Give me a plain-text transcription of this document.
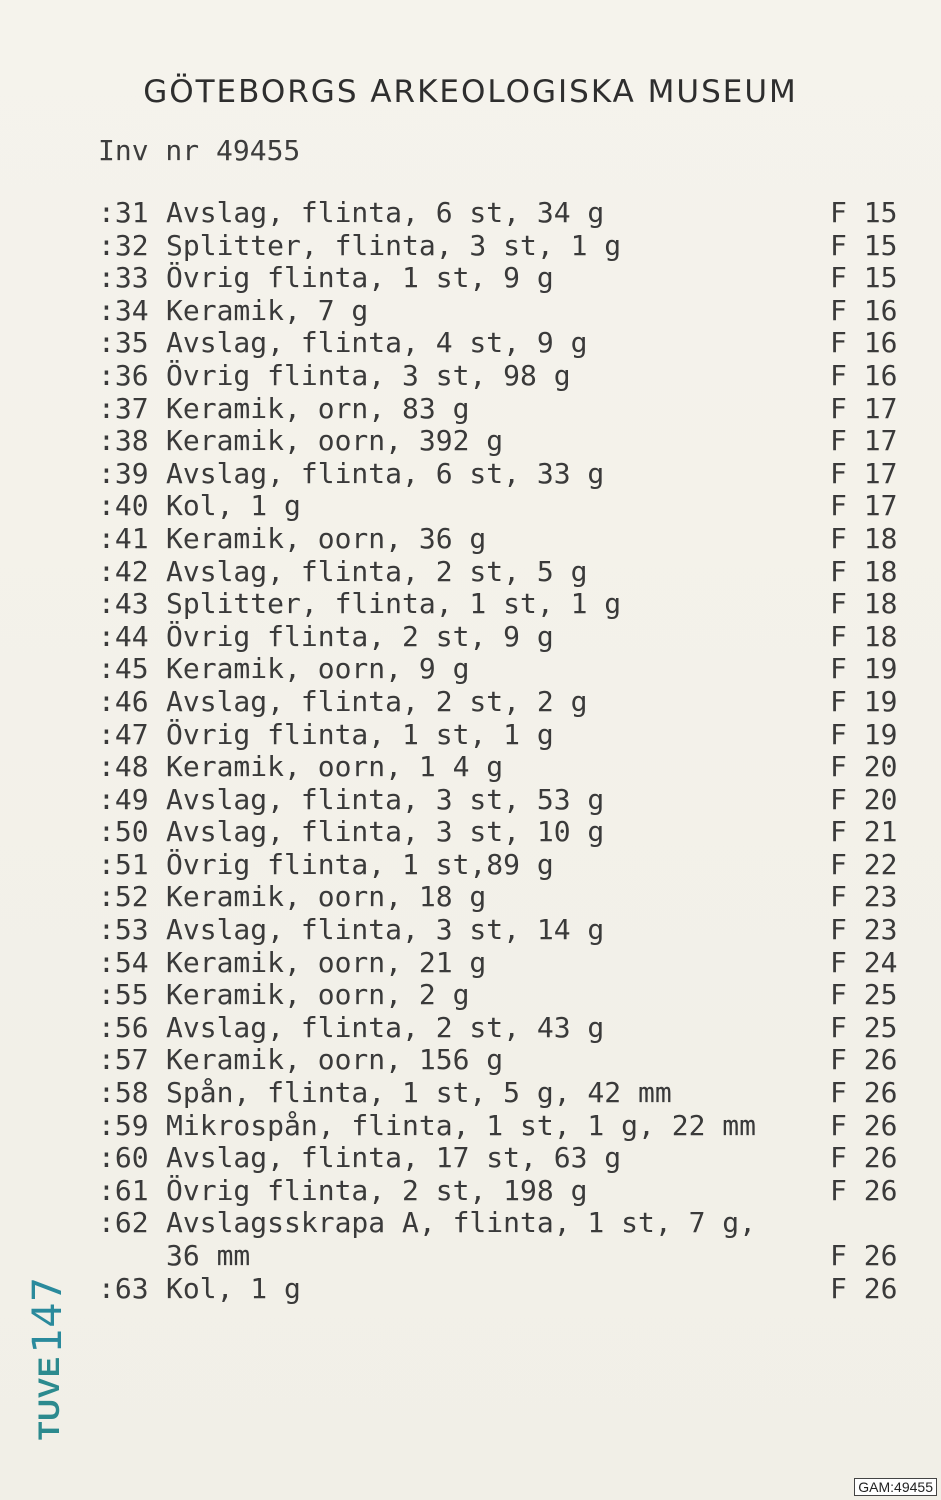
GÖTEBORGS ARKEOLOGISKA MUSEUM
Inv nr 49455
:31 Avslag, flinta, 6 st, 34 g	F 15
:32 Splitter, flinta, 3 st, 1 g	F 15
:33 Övrig flinta, 1 st, 9 g	F 15
:34 Keramik, 7 g	F 16
:35 Avslag, flinta, 4 st, 9 g	F 16
:36 Övrig flinta, 3 st, 98 g	F 16
:37 Keramik, orn, 83 g	F 17
:38 Keramik, oorn, 392 g	F 17
:39 Avslag, flinta, 6 st, 33 g	F 17
:40 Kol, 1 g	F 17
:41 Keramik, oorn, 36 g	F 18
:42 Avslag, flinta, 2 st, 5 g	F 18
:43 Splitter, flinta, 1 st, 1 g	F 18
:44 Övrig flinta, 2 st, 9 g	F 18
:45 Keramik, oorn, 9 g	F 19
:46 Avslag, flinta, 2 st, 2 g	F 19
:47 Övrig flinta, 1 st, 1 g	F 19
:48 Keramik, oorn, 1 4 g	F 20
:49 Avslag, flinta, 3 st, 53 g	F 20
:50 Avslag, flinta, 3 st, 10 g	F 21
:51 Övrig flinta, 1 st,89 g	F 22
:52 Keramik, oorn, 18 g	F 23
:53 Avslag, flinta, 3 st, 14 g	F 23
:54 Keramik, oorn, 21 g	F 24
:55 Keramik, oorn, 2 g	F 25
:56 Avslag, flinta, 2 st, 43 g	F 25
:57 Keramik, oorn, 156 g	F 26
:58 Spån, flinta, 1 st, 5 g, 42 mm	F 26
:59 Mikrospån, flinta, 1 st, 1 g, 22 mm	F 26
:60 Avslag, flinta, 17 st, 63 g	F 26
:61 Övrig flinta, 2 st, 198 g	F 26
:62 Avslagsskrapa A, flinta, 1 st, 7 g,
36 mm	F 26
:63 Kol, 1 g	F 26
147
TUVE
GAM:49455
